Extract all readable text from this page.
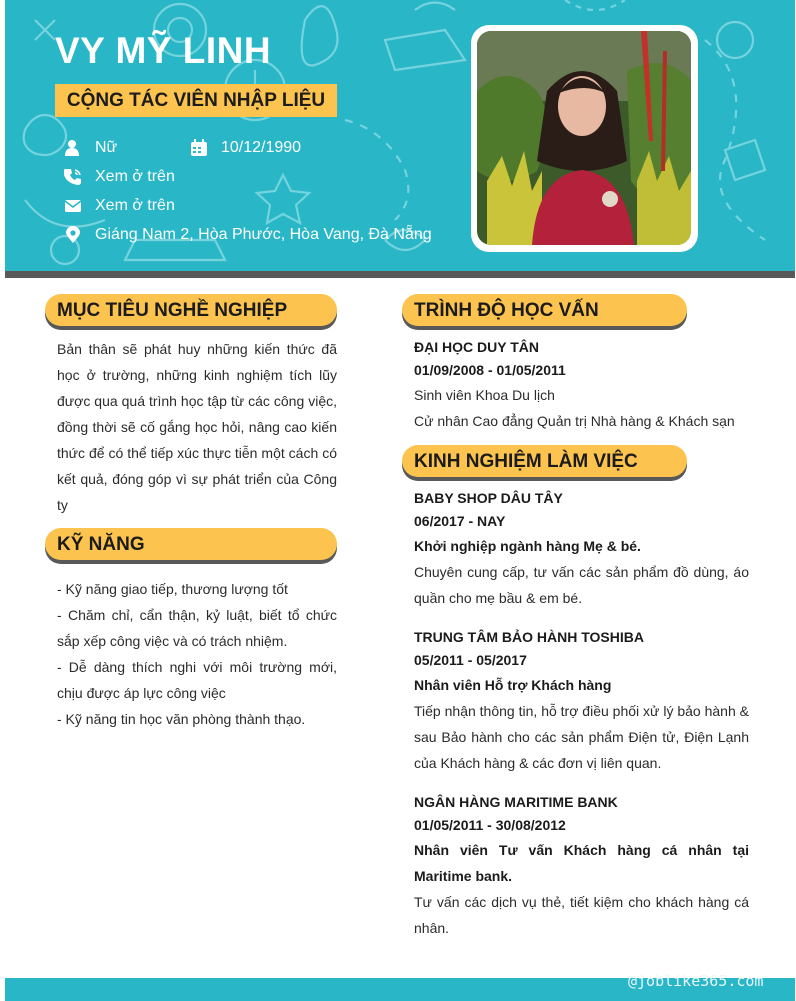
VY MỸ LINH
CỘNG TÁC VIÊN NHẬP LIỆU
Nữ	10/12/1990
Xem ở trên
Xem ở trên
Giáng Nam 2, Hòa Phước, Hòa Vang, Đà Nẵng
MỤC TIÊU NGHỀ NGHIỆP
Bản thân sẽ phát huy những kiến thức đã học ở trường, những kinh nghiệm tích lũy được qua quá trình học tập từ các công việc, đồng thời sẽ cố gắng học hỏi, nâng cao kiến thức để có thể tiếp xúc thực tiễn một cách có kết quả, đóng góp vì sự phát triển của Công ty
KỸ NĂNG
- Kỹ năng giao tiếp, thương lượng tốt
- Chăm chỉ, cẩn thận, kỷ luật, biết tổ chức sắp xếp công việc và có trách nhiệm.
- Dễ dàng thích nghi với môi trường mới, chịu được áp lực công việc
- Kỹ năng tin học văn phòng thành thạo.
TRÌNH ĐỘ HỌC VẤN
ĐẠI HỌC DUY TÂN
01/09/2008 - 01/05/2011
Sinh viên Khoa Du lịch
Cử nhân Cao đẳng Quản trị Nhà hàng & Khách sạn
KINH NGHIỆM LÀM VIỆC
BABY SHOP DÂU TÂY
06/2017 - NAY
Khởi nghiệp ngành hàng Mẹ & bé.
Chuyên cung cấp, tư vấn các sản phẩm đồ dùng, áo quần cho mẹ bầu & em bé.
TRUNG TÂM BẢO HÀNH TOSHIBA
05/2011 - 05/2017
Nhân viên Hỗ trợ Khách hàng
Tiếp nhận thông tin, hỗ trợ điều phối xử lý bảo hành & sau Bảo hành cho các sản phẩm Điện tử, Điện Lạnh của Khách hàng & các đơn vị liên quan.
NGÂN HÀNG MARITIME BANK
01/05/2011 - 30/08/2012
Nhân viên Tư vấn Khách hàng cá nhân tại Maritime bank.
Tư vấn các dịch vụ thẻ, tiết kiệm cho khách hàng cá nhân.
@joblike365.com
